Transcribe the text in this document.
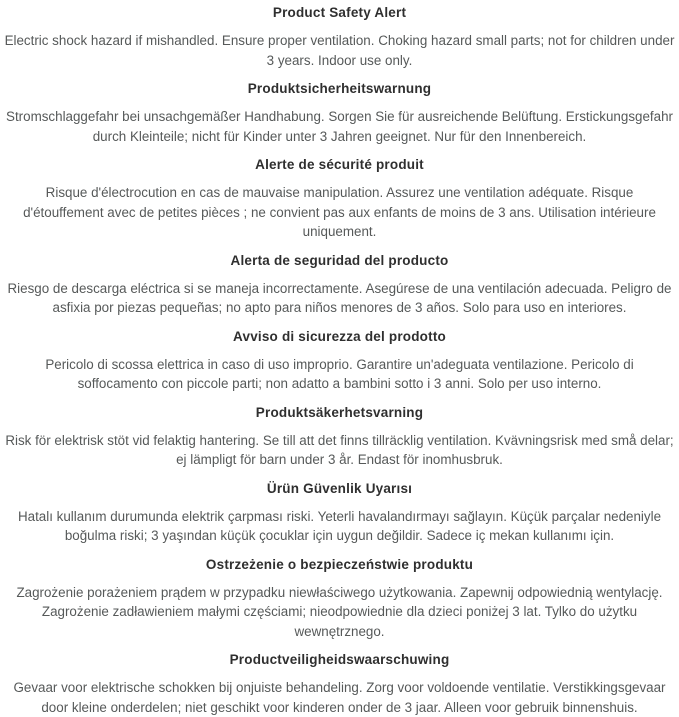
Product Safety Alert

Electric shock hazard if mishandled. Ensure proper ventilation. Choking hazard small parts; not for children under 3 years. Indoor use only.

Produktsicherheitswarnung

Stromschlaggefahr bei unsachgemäßer Handhabung. Sorgen Sie für ausreichende Belüftung. Erstickungsgefahr durch Kleinteile; nicht für Kinder unter 3 Jahren geeignet. Nur für den Innenbereich.

Alerte de sécurité produit

Risque d'électrocution en cas de mauvaise manipulation. Assurez une ventilation adéquate. Risque d'étouffement avec de petites pièces ; ne convient pas aux enfants de moins de 3 ans. Utilisation intérieure uniquement.

Alerta de seguridad del producto

Riesgo de descarga eléctrica si se maneja incorrectamente. Asegúrese de una ventilación adecuada. Peligro de asfixia por piezas pequeñas; no apto para niños menores de 3 años. Solo para uso en interiores.

Avviso di sicurezza del prodotto

Pericolo di scossa elettrica in caso di uso improprio. Garantire un'adeguata ventilazione. Pericolo di soffocamento con piccole parti; non adatto a bambini sotto i 3 anni. Solo per uso interno.

Produktsäkerhetsvarning

Risk för elektrisk stöt vid felaktig hantering. Se till att det finns tillräcklig ventilation. Kvävningsrisk med små delar; ej lämpligt för barn under 3 år. Endast för inomhusbruk.

Ürün Güvenlik Uyarısı

Hatalı kullanım durumunda elektrik çarpması riski. Yeterli havalandırmayı sağlayın. Küçük parçalar nedeniyle boğulma riski; 3 yaşından küçük çocuklar için uygun değildir. Sadece iç mekan kullanımı için.

Ostrzeżenie o bezpieczeństwie produktu

Zagrożenie porażeniem prądem w przypadku niewłaściwego użytkowania. Zapewnij odpowiednią wentylację. Zagrożenie zadławieniem małymi częściami; nieodpowiednie dla dzieci poniżej 3 lat. Tylko do użytku wewnętrznego.

Productveiligheidswaarschuwing

Gevaar voor elektrische schokken bij onjuiste behandeling. Zorg voor voldoende ventilatie. Verstikkingsgevaar door kleine onderdelen; niet geschikt voor kinderen onder de 3 jaar. Alleen voor gebruik binnenshuis.
